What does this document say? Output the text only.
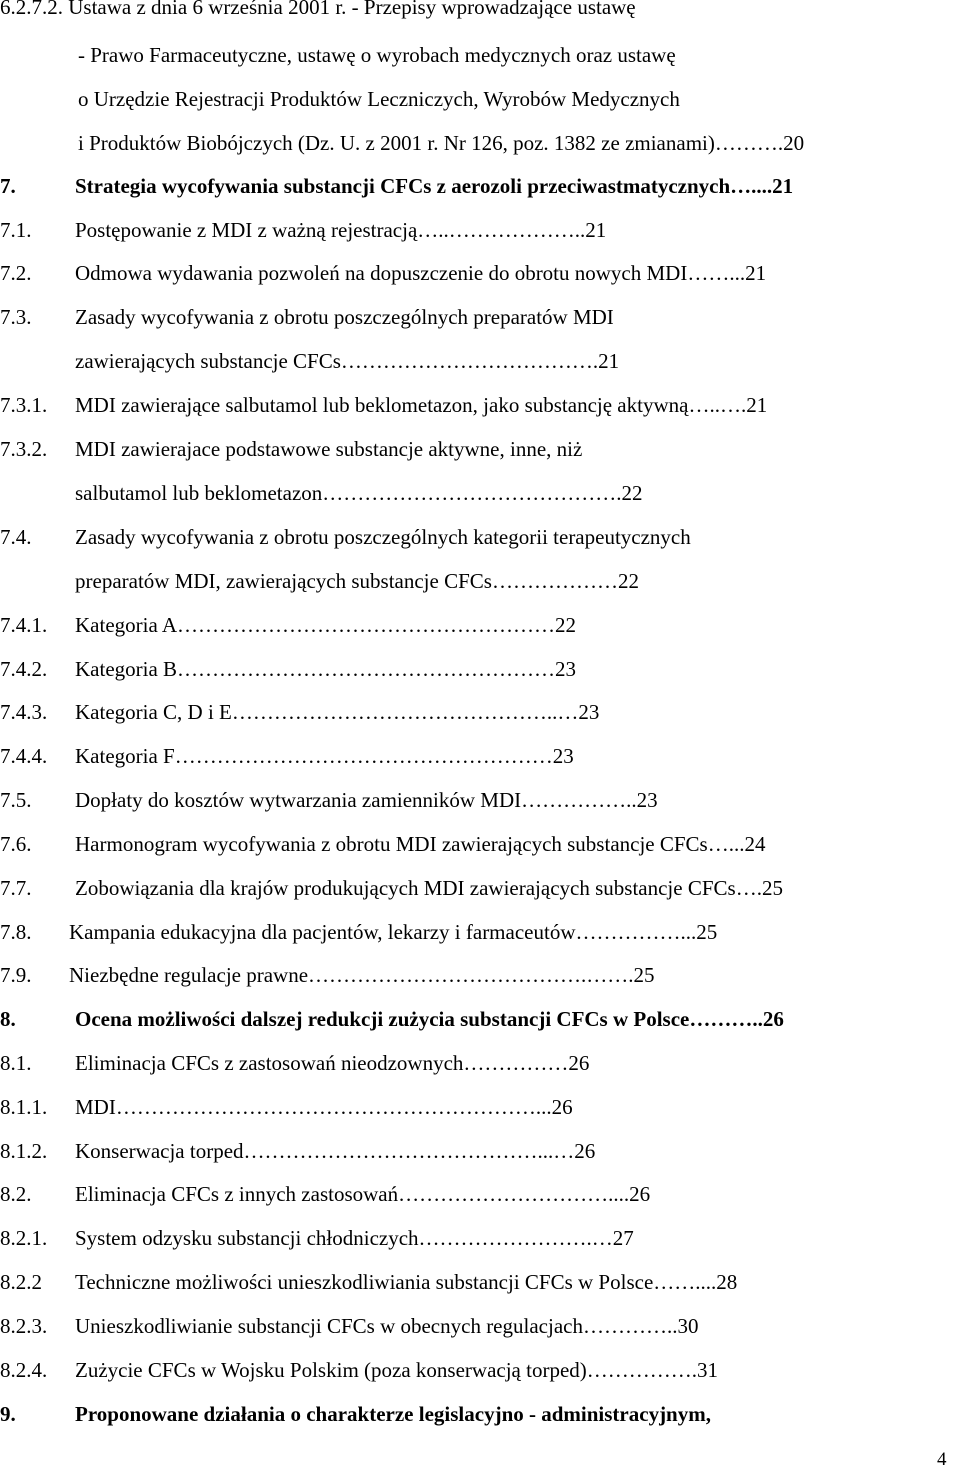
6.2.7.2. Ustawa z dnia 6 września 2001 r. - Przepisy wprowadzające ustawę
- Prawo Farmaceutyczne, ustawę o wyrobach medycznych oraz ustawę
o Urzędzie Rejestracji Produktów Leczniczych, Wyrobów Medycznych
i Produktów Biobójczych (Dz. U. z 2001 r. Nr 126, poz. 1382 ze zmianami)……….20
7.	Strategia wycofywania substancji CFCs z aerozoli przeciwastmatycznych…....21
7.1. Postępowanie z MDI z ważną rejestracją…..………………..21
7.2. Odmowa wydawania pozwoleń na dopuszczenie do obrotu nowych MDI……...21
7.3. Zasady wycofywania z obrotu poszczególnych preparatów MDI
zawierających substancje CFCs……………………………….21
7.3.1. MDI zawierające salbutamol lub beklometazon, jako substancję aktywną…..….21
7.3.2. MDI zawierajace podstawowe substancje aktywne, inne, niż
salbutamol lub beklometazon…………………………………….22
7.4. Zasady wycofywania z obrotu poszczególnych kategorii terapeutycznych
preparatów MDI, zawierających substancje CFCs………………22
7.4.1. Kategoria A………………………………………………22
7.4.2. Kategoria B………………………………………………23
7.4.3. Kategoria C, D i E………………………………………..…23
7.4.4. Kategoria F………………………………………………23
7.5. Dopłaty do kosztów wytwarzania zamienników MDI……………..23
7.6. Harmonogram wycofywania z obrotu MDI zawierających substancje CFCs…...24
7.7. Zobowiązania dla krajów produkujących MDI zawierających substancje CFCs….25
7.8. Kampania edukacyjna dla pacjentów, lekarzy i farmaceutów……………...25
7.9. Niezbędne regulacje prawne………………………………….…….25
8.	Ocena możliwości dalszej redukcji zużycia substancji CFCs w Polsce………..26
8.1. Eliminacja CFCs z zastosowań nieodzownych……………26
8.1.1. MDI……………………………………………………...26
8.1.2. Konserwacja torped……………………………………...…26
8.2. Eliminacja CFCs z innych zastosowań…………………………....26
8.2.1. System odzysku substancji chłodniczych…………………….…27
8.2.2 Techniczne możliwości unieszkodliwiania substancji CFCs w Polsce……....28
8.2.3. Unieszkodliwianie substancji CFCs w obecnych regulacjach…………..30
8.2.4. Zużycie CFCs w Wojsku Polskim (poza konserwacją torped)…………….31
9.	Proponowane działania o charakterze legislacyjno - administracyjnym,
4
